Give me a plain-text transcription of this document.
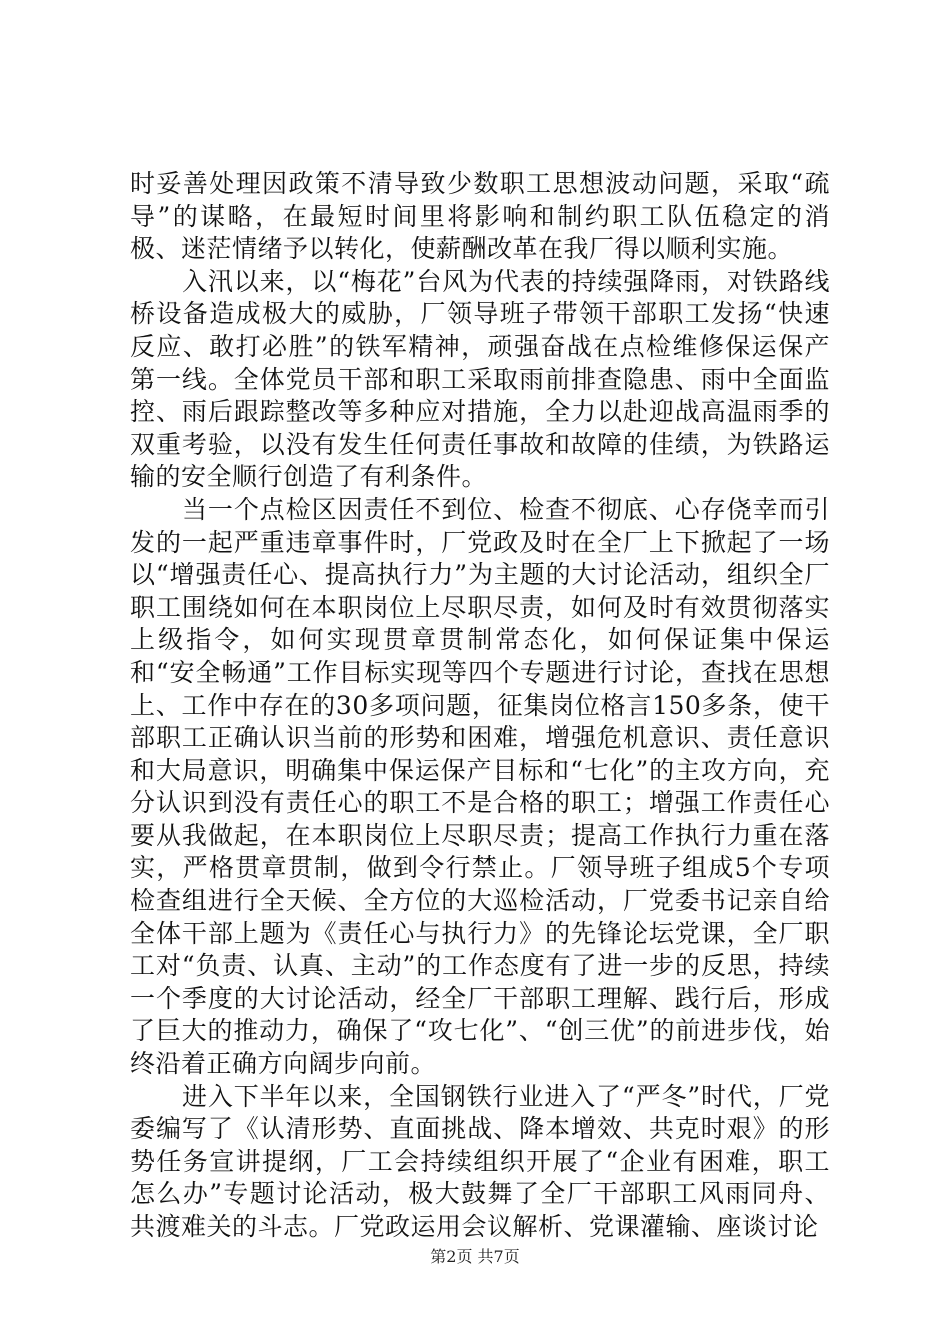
时妥善处理因政策不清导致少数职工思想波动问题，采取“疏导”的谋略，在最短时间里将影响和制约职工队伍稳定的消极、迷茫情绪予以转化，使薪酬改革在我厂得以顺利实施。

入汛以来，以“梅花”台风为代表的持续强降雨，对铁路线桥设备造成极大的威胁，厂领导班子带领干部职工发扬“快速反应、敢打必胜”的铁军精神，顽强奋战在点检维修保运保产第一线。全体党员干部和职工采取雨前排查隐患、雨中全面监控、雨后跟踪整改等多种应对措施，全力以赴迎战高温雨季的双重考验，以没有发生任何责任事故和故障的佳绩，为铁路运输的安全顺行创造了有利条件。

当一个点检区因责任不到位、检查不彻底、心存侥幸而引发的一起严重违章事件时，厂党政及时在全厂上下掀起了一场以“增强责任心、提高执行力”为主题的大讨论活动，组织全厂职工围绕如何在本职岗位上尽职尽责，如何及时有效贯彻落实上级指令，如何实现贯章贯制常态化，如何保证集中保运和“安全畅通”工作目标实现等四个专题进行讨论，查找在思想上、工作中存在的30多项问题，征集岗位格言150多条，使干部职工正确认识当前的形势和困难，增强危机意识、责任意识和大局意识，明确集中保运保产目标和“七化”的主攻方向，充分认识到没有责任心的职工不是合格的职工；增强工作责任心要从我做起，在本职岗位上尽职尽责；提高工作执行力重在落实，严格贯章贯制，做到令行禁止。厂领导班子组成5个专项检查组进行全天候、全方位的大巡检活动，厂党委书记亲自给全体干部上题为《责任心与执行力》的先锋论坛党课，全厂职工对“负责、认真、主动”的工作态度有了进一步的反思，持续一个季度的大讨论活动，经全厂干部职工理解、践行后，形成了巨大的推动力，确保了“攻七化”、“创三优”的前进步伐，始终沿着正确方向阔步向前。

进入下半年以来，全国钢铁行业进入了“严冬”时代，厂党委编写了《认清形势、直面挑战、降本增效、共克时艰》的形势任务宣讲提纲，厂工会持续组织开展了“企业有困难，职工怎么办”专题讨论活动，极大鼓舞了全厂干部职工风雨同舟、共渡难关的斗志。厂党政运用会议解析、党课灌输、座谈讨论

第2页 共7页
